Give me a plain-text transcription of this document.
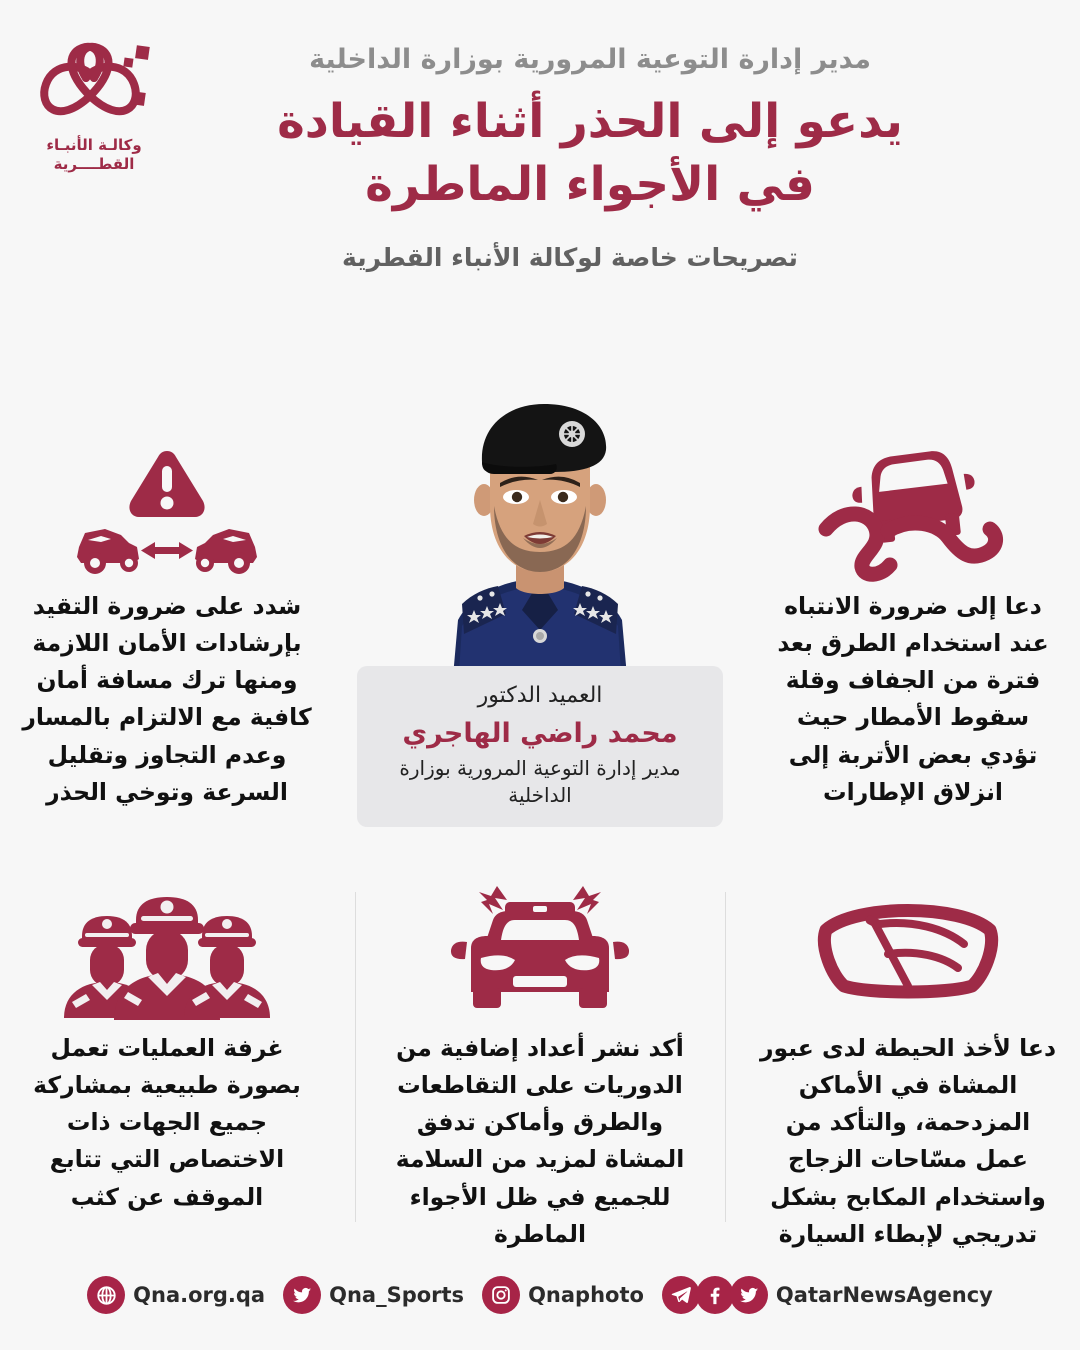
وكالـة الأنبـاء
القطــــرية
مدير إدارة التوعية المرورية بوزارة الداخلية
يدعو إلى الحذر أثناء القيادة
في الأجواء الماطرة
تصريحات خاصة لوكالة الأنباء القطرية
العميد الدكتور
محمد راضي الهاجري
مدير إدارة التوعية المرورية بوزارة الداخلية

شدد على ضرورة التقيد بإرشادات الأمان اللازمة ومنها ترك مسافة أمان كافية مع الالتزام بالمسار وعدم التجاوز وتقليل السرعة وتوخي الحذر

دعا إلى ضرورة الانتباه عند استخدام الطرق بعد فترة من الجفاف وقلة سقوط الأمطار حيث تؤدي بعض الأتربة إلى انزلاق الإطارات

غرفة العمليات تعمل بصورة طبيعية بمشاركة جميع الجهات ذات الاختصاص التي تتابع الموقف عن كثب

أكد نشر أعداد إضافية من الدوريات على التقاطعات والطرق وأماكن تدفق المشاة لمزيد من السلامة للجميع في ظل الأجواء الماطرة

دعا لأخذ الحيطة لدى عبور المشاة في الأماكن المزدحمة، والتأكد من عمل مسّاحات الزجاج واستخدام المكابح بشكل تدريجي لإبطاء السيارة

QatarNewsAgency
Qnaphoto
Qna_Sports
Qna.org.qa
